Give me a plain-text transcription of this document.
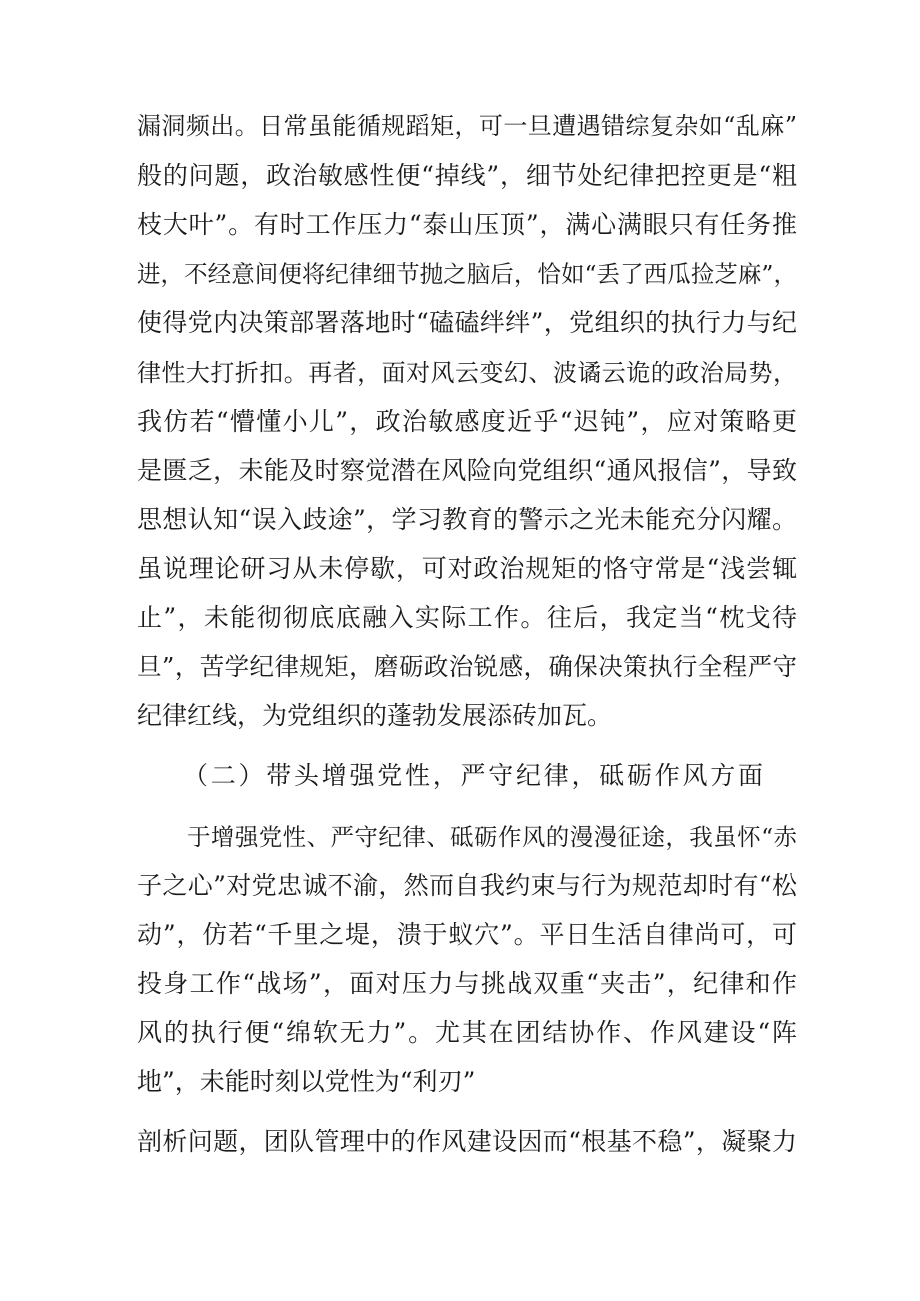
漏洞频出。日常虽能循规蹈矩，可一旦遭遇错综复杂如“乱麻”
般的问题，政治敏感性便“掉线”，细节处纪律把控更是“粗
枝大叶”。有时工作压力“泰山压顶”，满心满眼只有任务推
进，不经意间便将纪律细节抛之脑后，恰如“丢了西瓜捡芝麻”，
使得党内决策部署落地时“磕磕绊绊”，党组织的执行力与纪
律性大打折扣。再者，面对风云变幻、波谲云诡的政治局势，
我仿若“懵懂小儿”，政治敏感度近乎“迟钝”，应对策略更
是匮乏，未能及时察觉潜在风险向党组织“通风报信”，导致
思想认知“误入歧途”，学习教育的警示之光未能充分闪耀。
虽说理论研习从未停歇，可对政治规矩的恪守常是“浅尝辄
止”，未能彻彻底底融入实际工作。往后，我定当“枕戈待
旦”，苦学纪律规矩，磨砺政治锐感，确保决策执行全程严守
纪律红线，为党组织的蓬勃发展添砖加瓦。
（二）带头增强党性，严守纪律，砥砺作风方面
于增强党性、严守纪律、砥砺作风的漫漫征途，我虽怀“赤
子之心”对党忠诚不渝，然而自我约束与行为规范却时有“松
动”，仿若“千里之堤，溃于蚁穴”。平日生活自律尚可，可
投身工作“战场”，面对压力与挑战双重“夹击”，纪律和作
风的执行便“绵软无力”。尤其在团结协作、作风建设“阵
地”，未能时刻以党性为“利刃”
剖析问题，团队管理中的作风建设因而“根基不稳”，凝聚力
